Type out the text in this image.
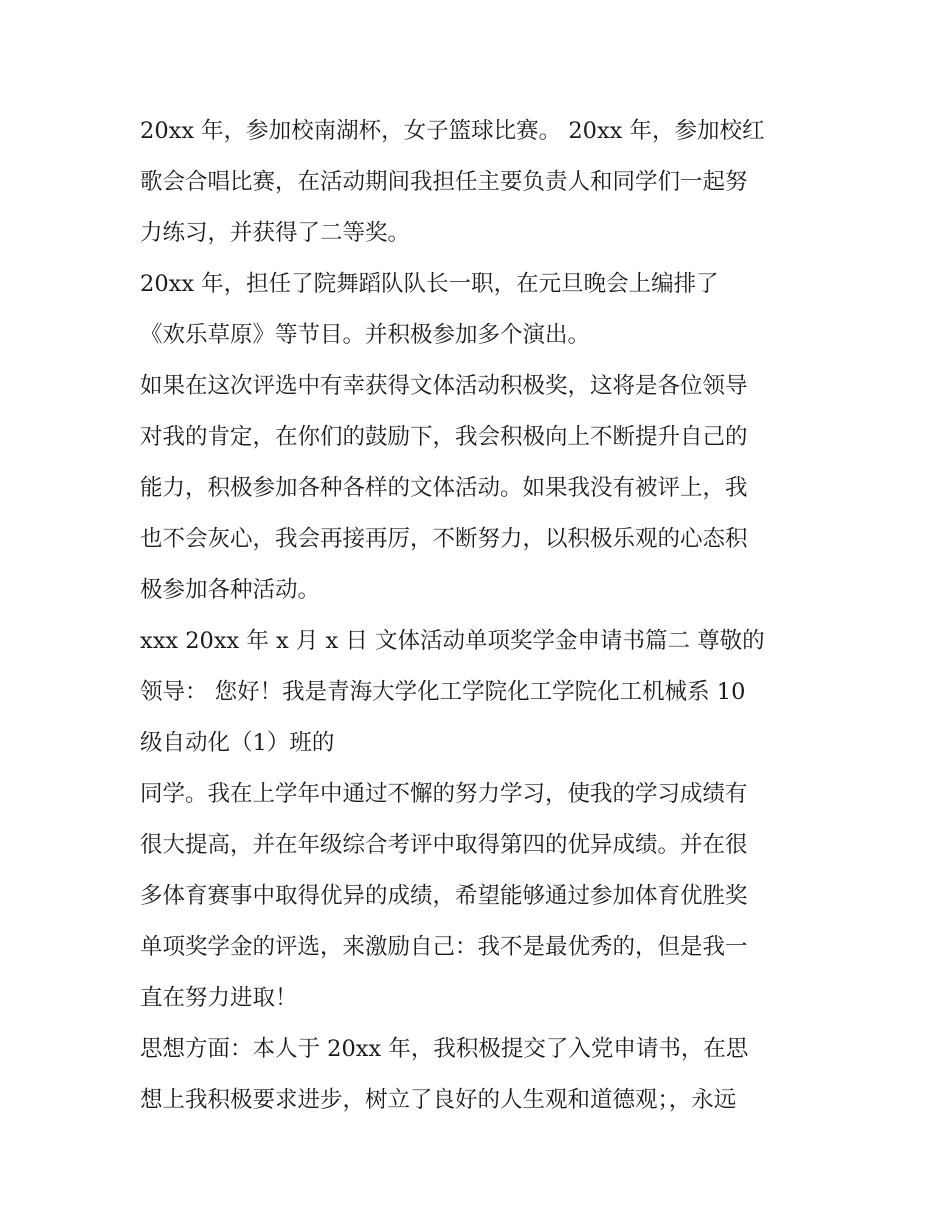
20xx 年，参加校南湖杯，女子篮球比赛。 20xx 年，参加校红
歌会合唱比赛，在活动期间我担任主要负责人和同学们一起努
力练习，并获得了二等奖。
20xx 年，担任了院舞蹈队队长一职，在元旦晚会上编排了
《欢乐草原》等节目。并积极参加多个演出。
如果在这次评选中有幸获得文体活动积极奖，这将是各位领导
对我的肯定，在你们的鼓励下，我会积极向上不断提升自己的
能力，积极参加各种各样的文体活动。如果我没有被评上，我
也不会灰心，我会再接再厉，不断努力，以积极乐观的心态积
极参加各种活动。
xxx 20xx 年 x 月 x 日 文体活动单项奖学金申请书篇二 尊敬的
领导： 您好！我是青海大学化工学院化工学院化工机械系 10
级自动化（1）班的
同学。我在上学年中通过不懈的努力学习，使我的学习成绩有
很大提高，并在年级综合考评中取得第四的优异成绩。并在很
多体育赛事中取得优异的成绩，希望能够通过参加体育优胜奖
单项奖学金的评选，来激励自己：我不是最优秀的，但是我一
直在努力进取！
思想方面：本人于 20xx 年，我积极提交了入党申请书，在思
想上我积极要求进步，树立了良好的人生观和道德观；，永远
